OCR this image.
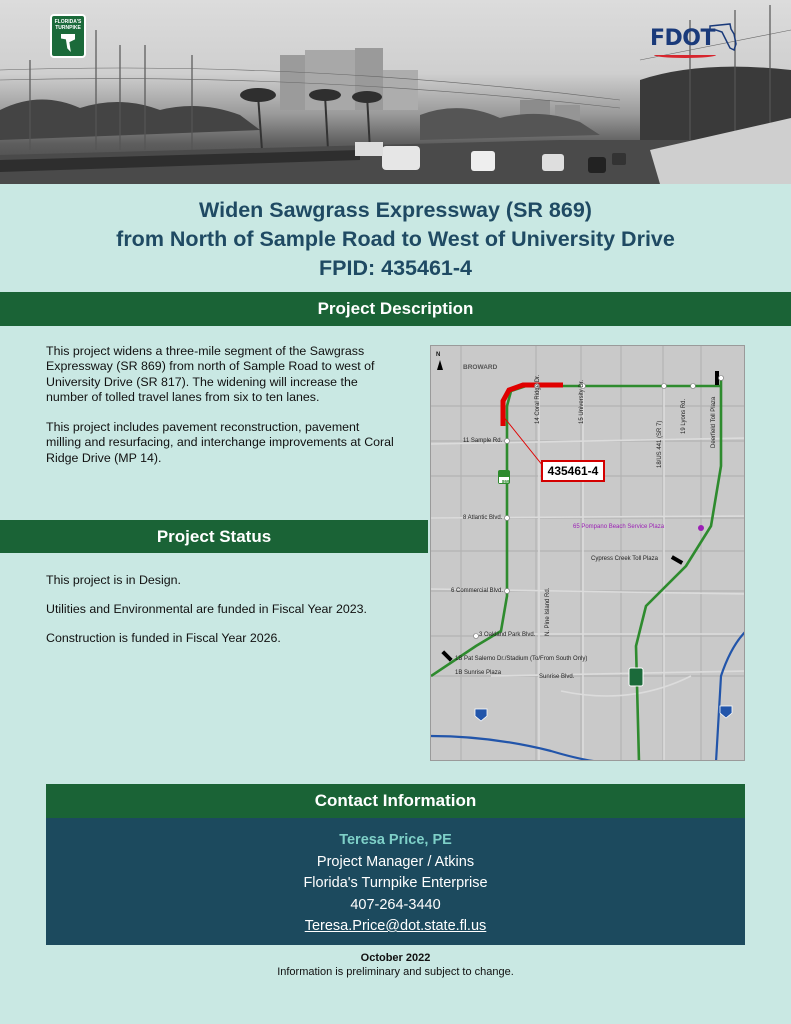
FLORIDA'S TURNPIKE	FDOT
Widen Sawgrass Expressway (SR 869)
from North of Sample Road to West of University Drive
FPID: 435461-4
Project Description

This project widens a three-mile segment of the Sawgrass Expressway (SR 869) from north of Sample Road to west of University Drive (SR 817). The widening will increase the number of tolled travel lanes from six to ten lanes.

This project includes pavement reconstruction, pavement milling and resurfacing, and interchange improvements at Coral Ridge Drive (MP 14).

Project Status

This project is in Design.

Utilities and Environmental are funded in Fiscal Year 2023.

Construction is funded in Fiscal Year 2026.

N
BROWARD
435461-4
11 Sample Rd.
8 Atlantic Blvd.
6 Commercial Blvd.
3 Oakland Park Blvd.
1B Pat Salerno Dr./Stadium (To/From South Only)
1B Sunrise Plaza
Sunrise Blvd.
65 Pompano Beach Service Plaza
Cypress Creek Toll Plaza
869
14 Coral Ridge Dr.	15 University Dr.
18/US 441 (SR 7)
19 Lyons Rd.	Deerfield Toll Plaza
N. Pine Island Rd.
Contact Information
Teresa Price, PE
Project Manager / Atkins
Florida's Turnpike Enterprise
407-264-3440
Teresa.Price@dot.state.fl.us
October 2022
Information is preliminary and subject to change.
